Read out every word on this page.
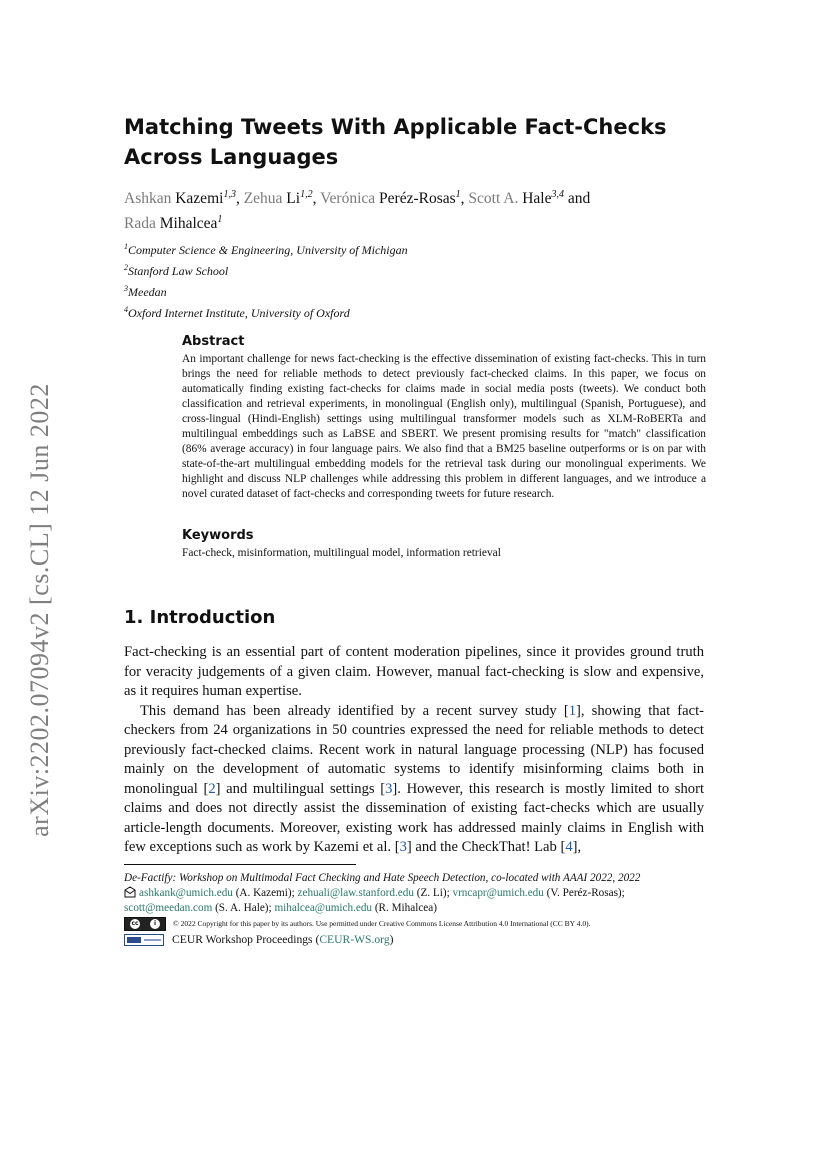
arXiv:2202.07094v2 [cs.CL] 12 Jun 2022
Matching Tweets With Applicable Fact-Checks
Across Languages

Ashkan Kazemi$^{1,3}$, Zehua Li$^{1,2}$, Verónica Peréz-Rosas$^1$, Scott A. Hale$^{3,4}$ and
Rada Mihalcea$^1$

$^1$Computer Science & Engineering, University of Michigan
$^2$Stanford Law School
$^3$Meedan
$^4$Oxford Internet Institute, University of Oxford
Abstract

An important challenge for news fact-checking is the effective dissemination of existing fact-checks. This in turn brings the need for reliable methods to detect previously fact-checked claims. In this paper, we focus on automatically finding existing fact-checks for claims made in social media posts (tweets). We conduct both classification and retrieval experiments, in monolingual (English only), multilingual (Spanish, Portuguese), and cross-lingual (Hindi-English) settings using multilingual transformer models such as XLM-RoBERTa and multilingual embeddings such as LaBSE and SBERT. We present promising results for "match" classification (86% average accuracy) in four language pairs. We also find that a BM25 baseline outperforms or is on par with state-of-the-art multilingual embedding models for the retrieval task during our monolingual experiments. We highlight and discuss NLP challenges while addressing this problem in different languages, and we introduce a novel curated dataset of fact-checks and corresponding tweets for future research.

Keywords

Fact-check, misinformation, multilingual model, information retrieval

1. Introduction

Fact-checking is an essential part of content moderation pipelines, since it provides ground truth for veracity judgements of a given claim. However, manual fact-checking is slow and expensive, as it requires human expertise.

This demand has been already identified by a recent survey study [1], showing that fact-checkers from 24 organizations in 50 countries expressed the need for reliable methods to detect previously fact-checked claims. Recent work in natural language processing (NLP) has focused mainly on the development of automatic systems to identify misinforming claims both in monolingual [2] and multilingual settings [3]. However, this research is mostly limited to short claims and does not directly assist the dissemination of existing fact-checks which are usually article-length documents. Moreover, existing work has addressed mainly claims in English with few exceptions such as work by Kazemi et al. [3] and the CheckThat! Lab [4],

De-Factify: Workshop on Multimodal Fact Checking and Hate Speech Detection, co-located with AAAI 2022, 2022

ashkank@umich.edu (A. Kazemi); zehuali@law.stanford.edu (Z. Li); vrncapr@umich.edu (V. Peréz-Rosas);
scott@meedan.com (S. A. Hale); mihalcea@umich.edu (R. Mihalcea)

cc	i	© 2022 Copyright for this paper by its authors. Use permitted under Creative Commons License Attribution 4.0 International (CC BY 4.0).
CEUR Workshop Proceedings ( CEUR-WS.org )
